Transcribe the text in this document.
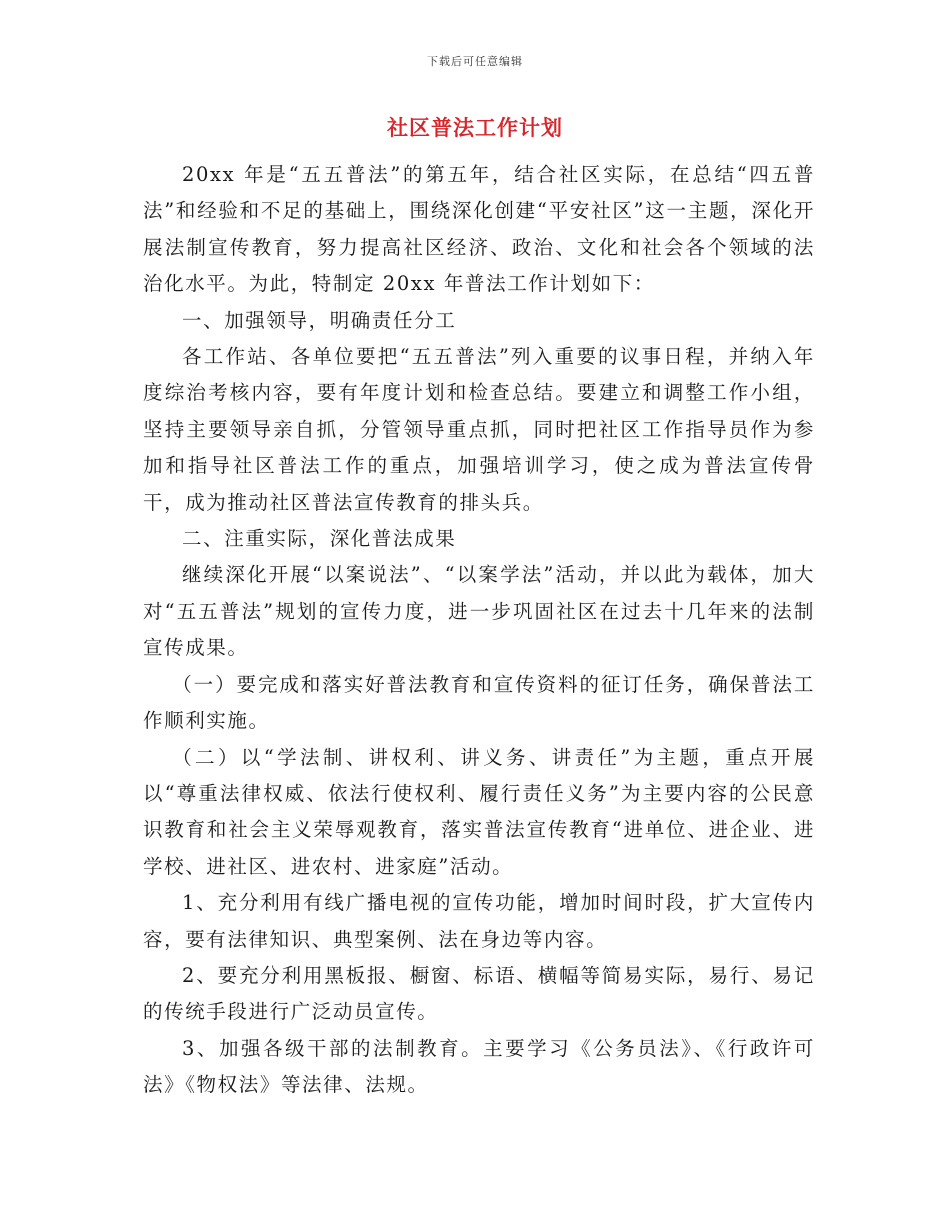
下载后可任意编辑
社区普法工作计划

20xx 年是“五五普法”的第五年，结合社区实际，在总结“四五普法”和经验和不足的基础上，围绕深化创建“平安社区”这一主题，深化开展法制宣传教育，努力提高社区经济、政治、文化和社会各个领域的法治化水平。为此，特制定 20xx 年普法工作计划如下：

一、加强领导，明确责任分工

各工作站、各单位要把“五五普法”列入重要的议事日程，并纳入年度综治考核内容，要有年度计划和检查总结。要建立和调整工作小组，坚持主要领导亲自抓，分管领导重点抓，同时把社区工作指导员作为参加和指导社区普法工作的重点，加强培训学习，使之成为普法宣传骨干，成为推动社区普法宣传教育的排头兵。

二、注重实际，深化普法成果

继续深化开展“以案说法”、“以案学法”活动，并以此为载体，加大对“五五普法”规划的宣传力度，进一步巩固社区在过去十几年来的法制宣传成果。

（一）要完成和落实好普法教育和宣传资料的征订任务，确保普法工作顺利实施。

（二）以“学法制、讲权利、讲义务、讲责任”为主题，重点开展以“尊重法律权威、依法行使权利、履行责任义务”为主要内容的公民意识教育和社会主义荣辱观教育，落实普法宣传教育“进单位、进企业、进学校、进社区、进农村、进家庭”活动。

1、充分利用有线广播电视的宣传功能，增加时间时段，扩大宣传内容，要有法律知识、典型案例、法在身边等内容。

2、要充分利用黑板报、橱窗、标语、横幅等简易实际，易行、易记的传统手段进行广泛动员宣传。

3、加强各级干部的法制教育。主要学习《公务员法》、《行政许可法》《物权法》等法律、法规。
